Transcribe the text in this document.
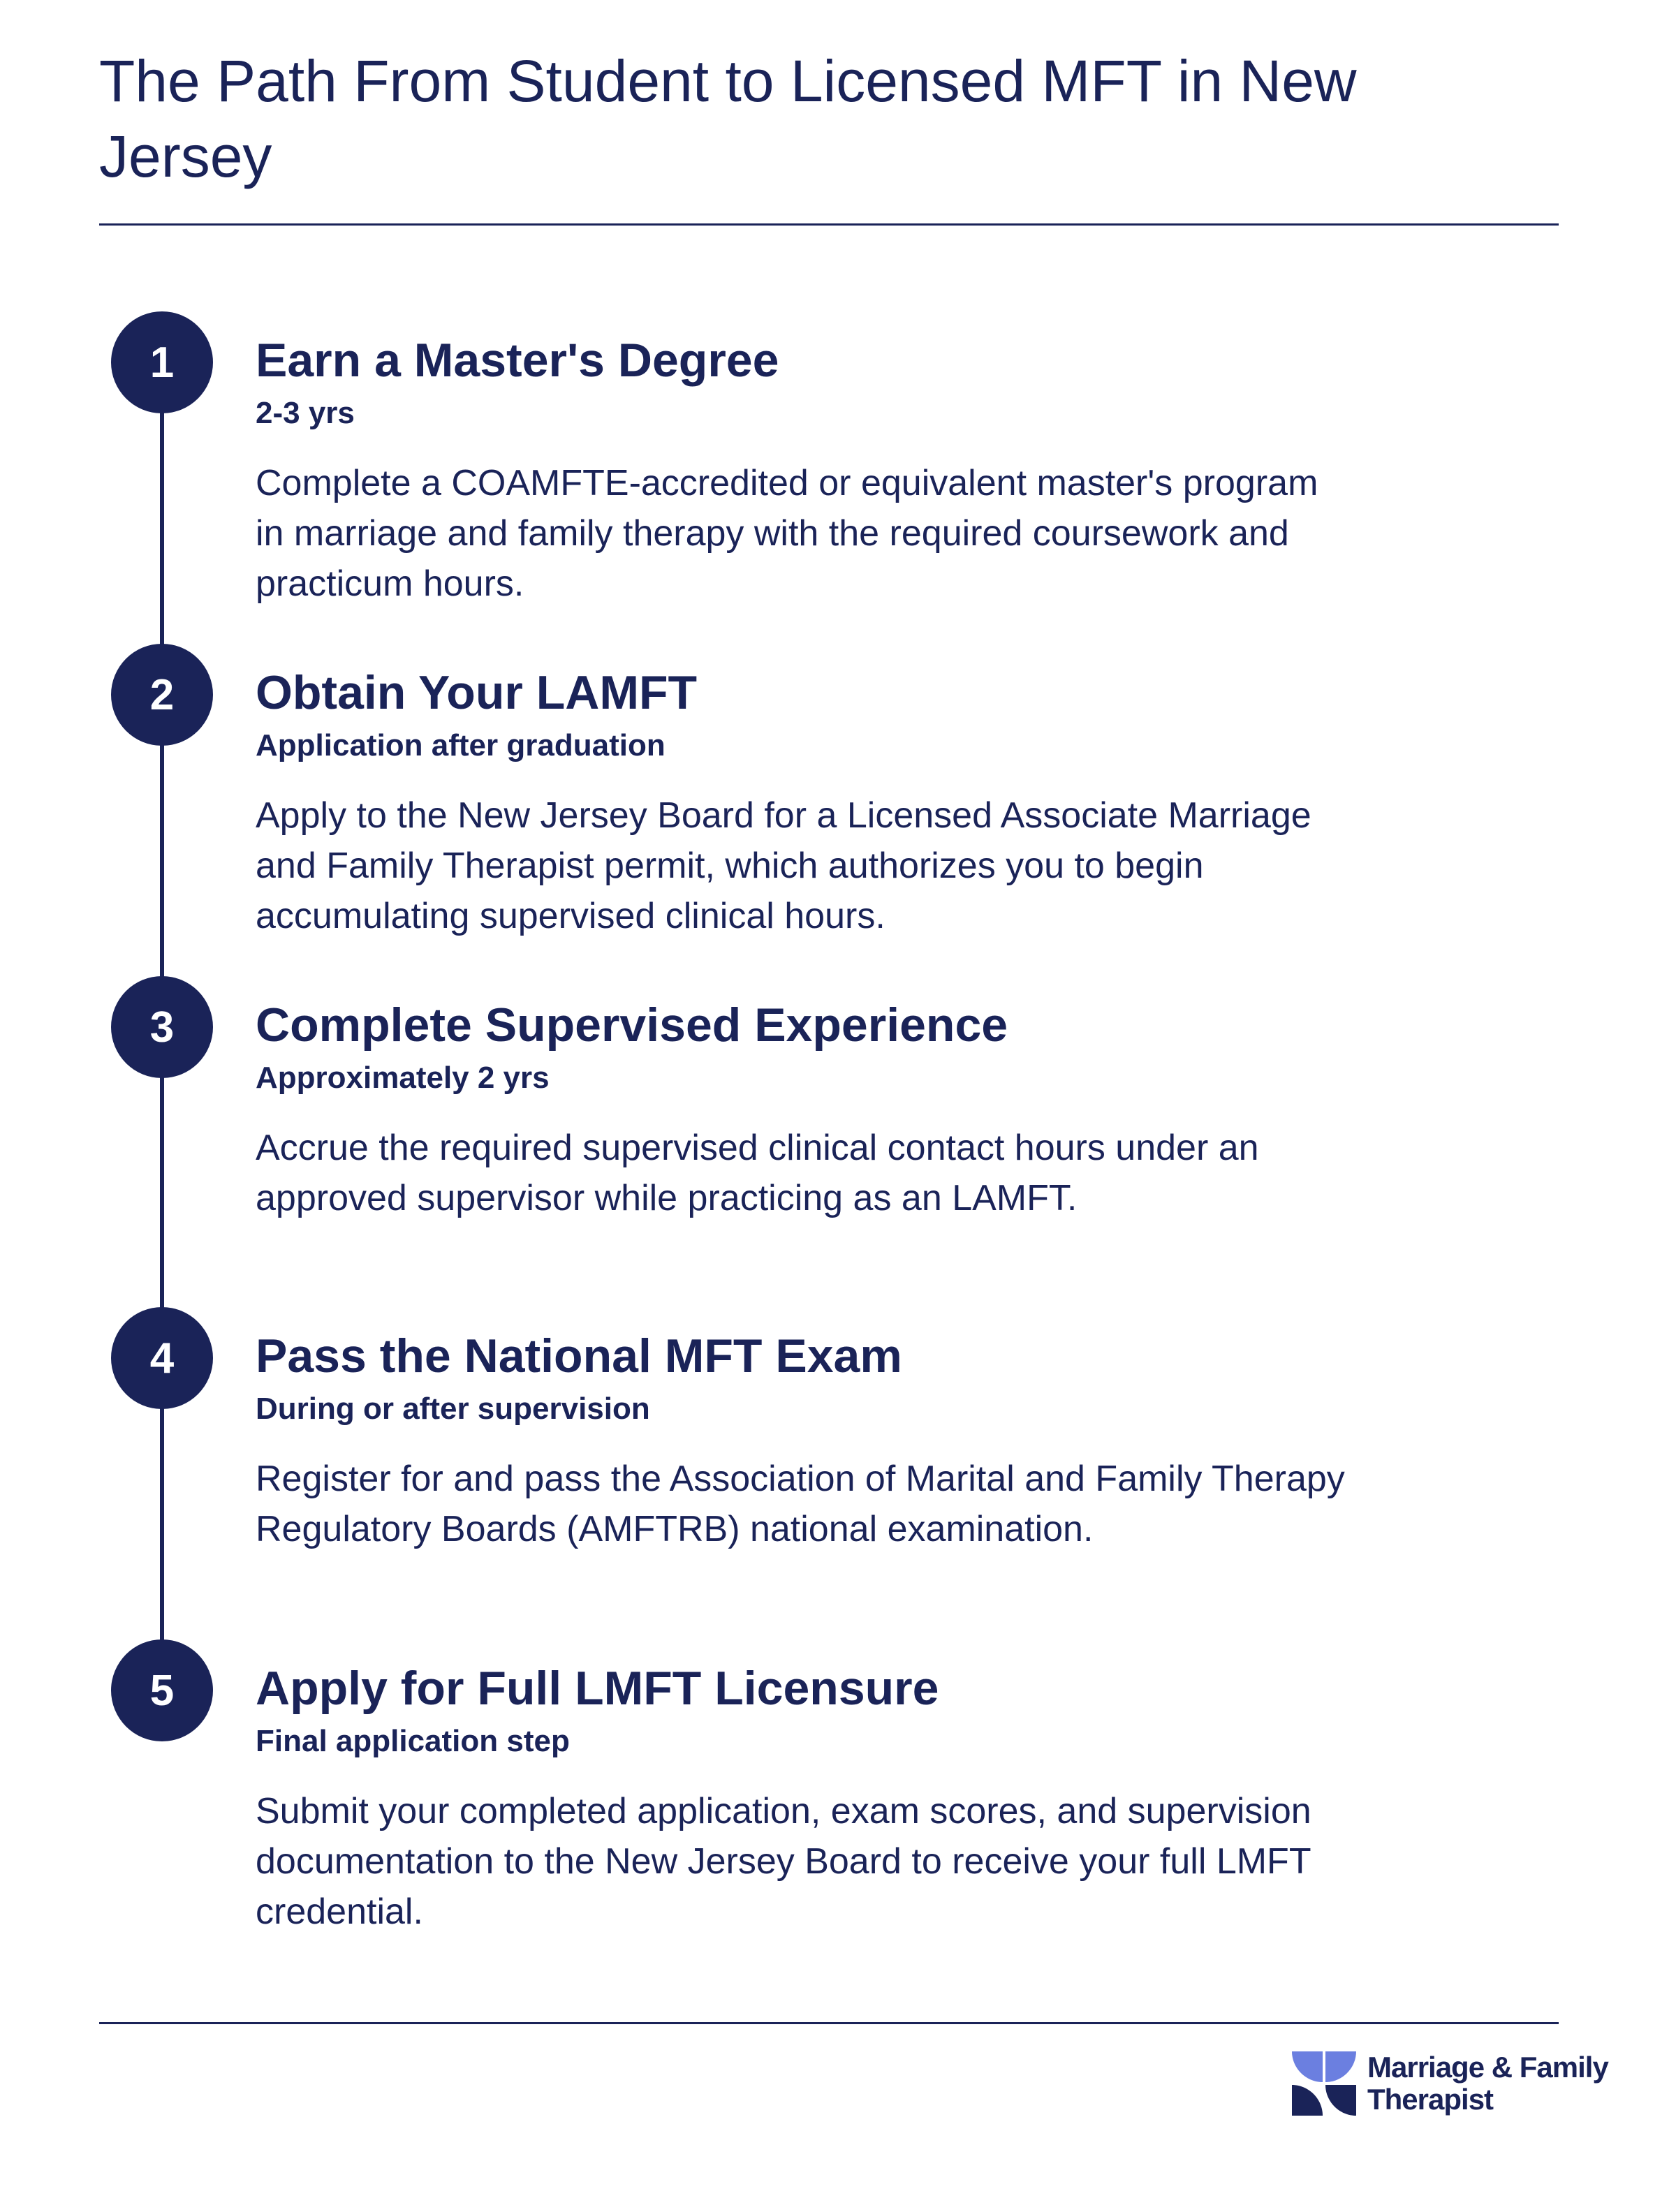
The Path From Student to Licensed MFT in New Jersey
1	Earn a Master's Degree

2-3 yrs

Complete a COAMFTE-accredited or equivalent master's program in marriage and family therapy with the required coursework and practicum hours.

2	Obtain Your LAMFT

Application after graduation

Apply to the New Jersey Board for a Licensed Associate Marriage and Family Therapist permit, which authorizes you to begin accumulating supervised clinical hours.

3	Complete Supervised Experience

Approximately 2 yrs

Accrue the required supervised clinical contact hours under an approved supervisor while practicing as an LAMFT.

4	Pass the National MFT Exam

During or after supervision

Register for and pass the Association of Marital and Family Therapy Regulatory Boards (AMFTRB) national examination.

5	Apply for Full LMFT Licensure

Final application step

Submit your completed application, exam scores, and supervision documentation to the New Jersey Board to receive your full LMFT credential.

Marriage & Family
Therapist
